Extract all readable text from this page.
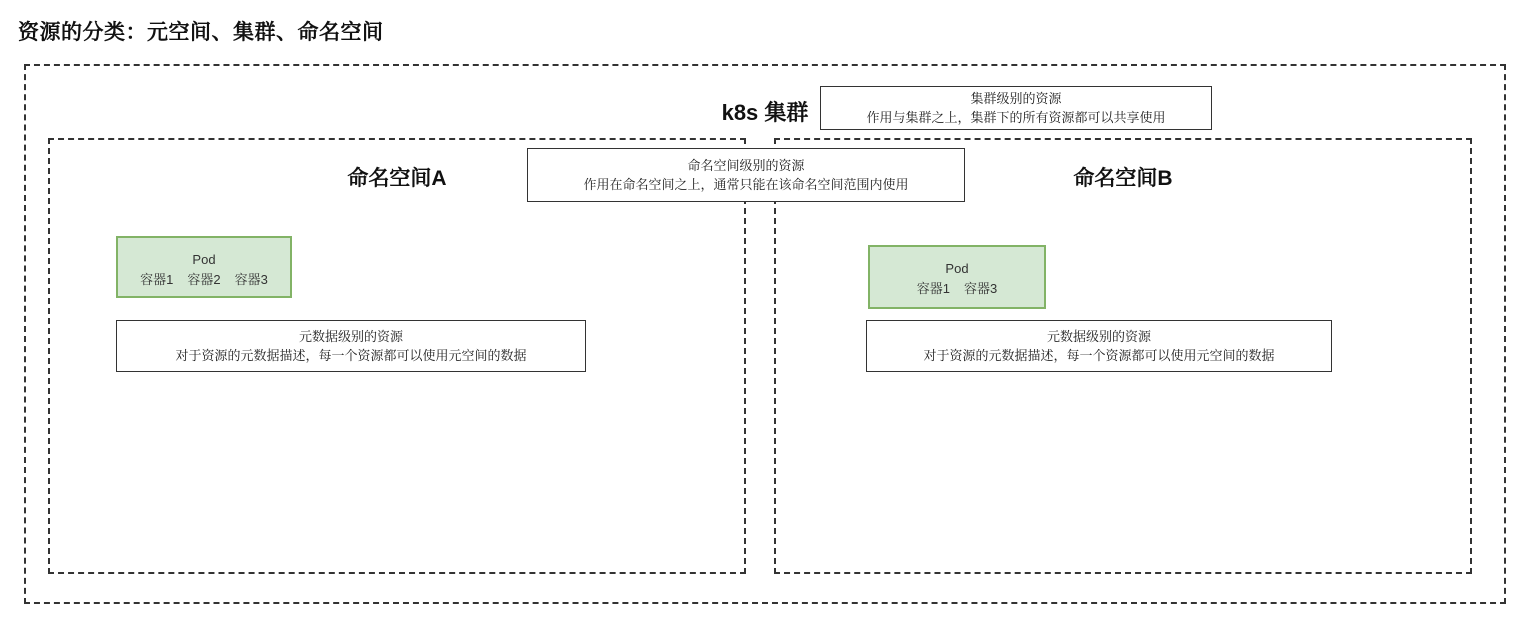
资源的分类：元空间、集群、命名空间
k8s 集群
命名空间A	命名空间B
Pod
容器1 容器2 容器3
Pod
容器1 容器3
集群级别的资源
作用与集群之上，集群下的所有资源都可以共享使用
命名空间级别的资源
作用在命名空间之上，通常只能在该命名空间范围内使用
元数据级别的资源
对于资源的元数据描述，每一个资源都可以使用元空间的数据
元数据级别的资源
对于资源的元数据描述，每一个资源都可以使用元空间的数据
